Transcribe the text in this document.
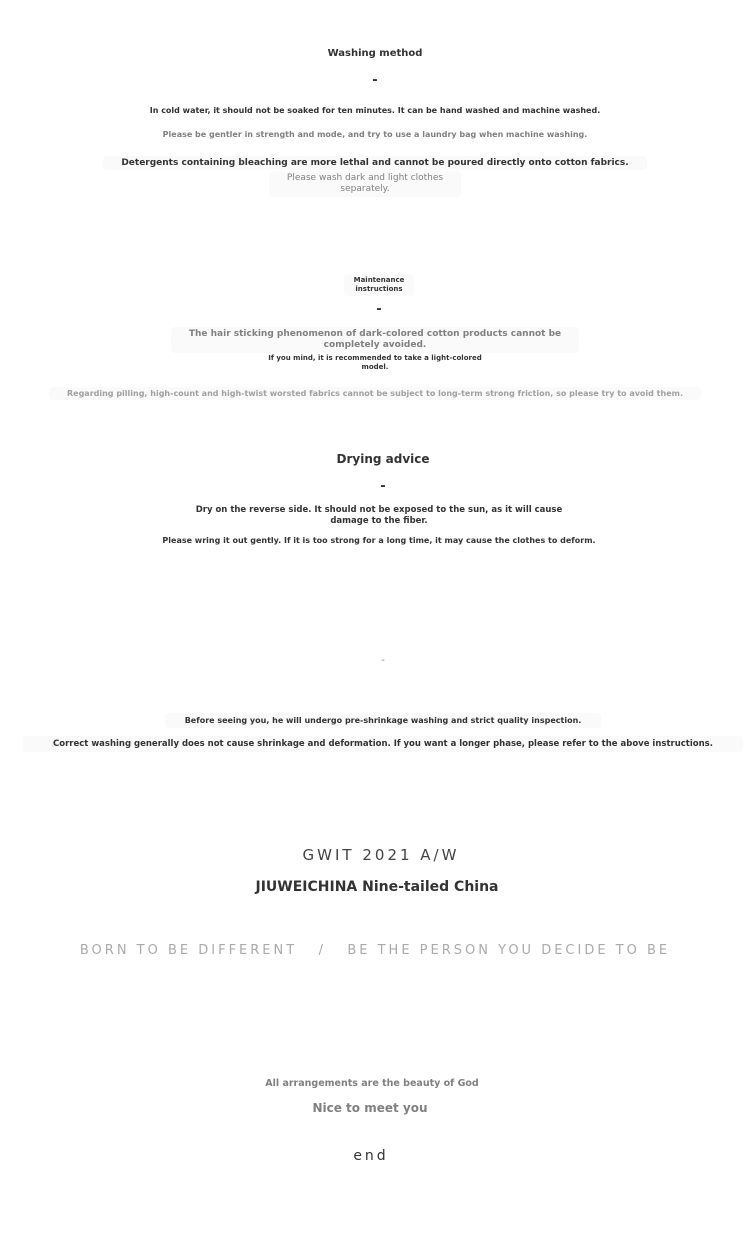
Washing method

-

In cold water, it should not be soaked for ten minutes. It can be hand washed and machine washed.

Please be gentler in strength and mode, and try to use a laundry bag when machine washing.

Detergents containing bleaching are more lethal and cannot be poured directly onto cotton fabrics.
Please wash dark and light clothes
separately.
Maintenance
instructions

-

The hair sticking phenomenon of dark-colored cotton products cannot be
completely avoided.
If you mind, it is recommended to take a light-colored
model.
Regarding pilling, high-count and high-twist worsted fabrics cannot be subject to long-term strong friction, so please try to avoid them.

Drying advice

-

Dry on the reverse side. It should not be exposed to the sun, as it will cause
damage to the fiber.

Please wring it out gently. If it is too strong for a long time, it may cause the clothes to deform.

-

Before seeing you, he will undergo pre-shrinkage washing and strict quality inspection.
Correct washing generally does not cause shrinkage and deformation. If you want a longer phase, please refer to the above instructions.

GWIT 2021 A/W

JIUWEICHINA Nine-tailed China

BORN TO BE DIFFERENT   /   BE THE PERSON YOU DECIDE TO BE

All arrangements are the beauty of God

Nice to meet you

end
